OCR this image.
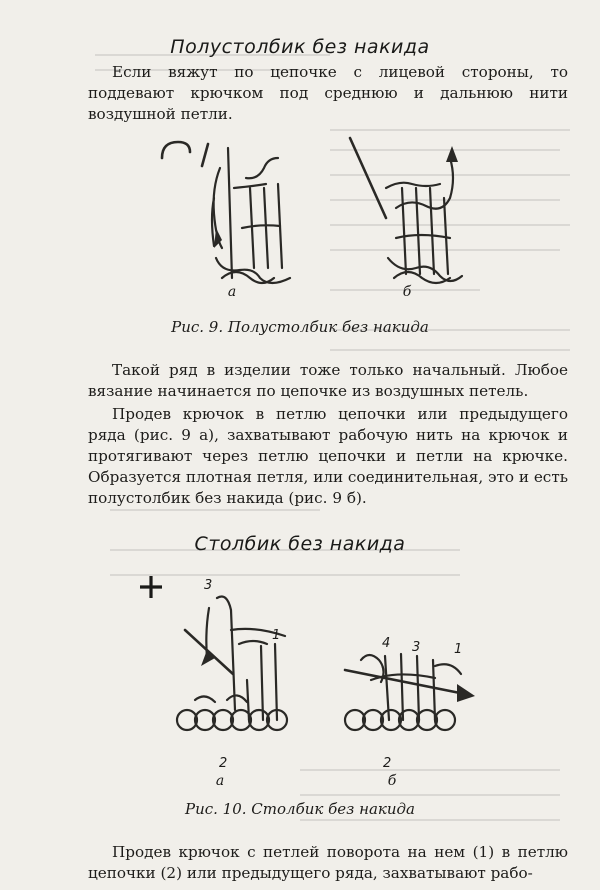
Полустолбик без накида
Если вяжут по цепочке с лицевой стороны, то поддевают крючком под среднюю и дальнюю нити воздушной петли.
а	б
Рис. 9. Полустолбик без накида
Такой ряд в изделии тоже только начальный. Любое вязание начинается по цепочке из воздушных петель.
Продев крючок в петлю цепочки или предыдущего ряда (рис. 9 а), захватывают рабочую нить на крючок и протягивают через петлю цепочки и петли на крючке. Образуется плотная петля, или соединительная, это и есть полустолбик без накида (рис. 9 б).
Столбик без накида
3
1
2
4 3	1
2
а	б
Рис. 10. Столбик без накида
Продев крючок с петлей поворота на нем (1) в петлю цепочки (2) или предыдущего ряда, захватывают рабо-
